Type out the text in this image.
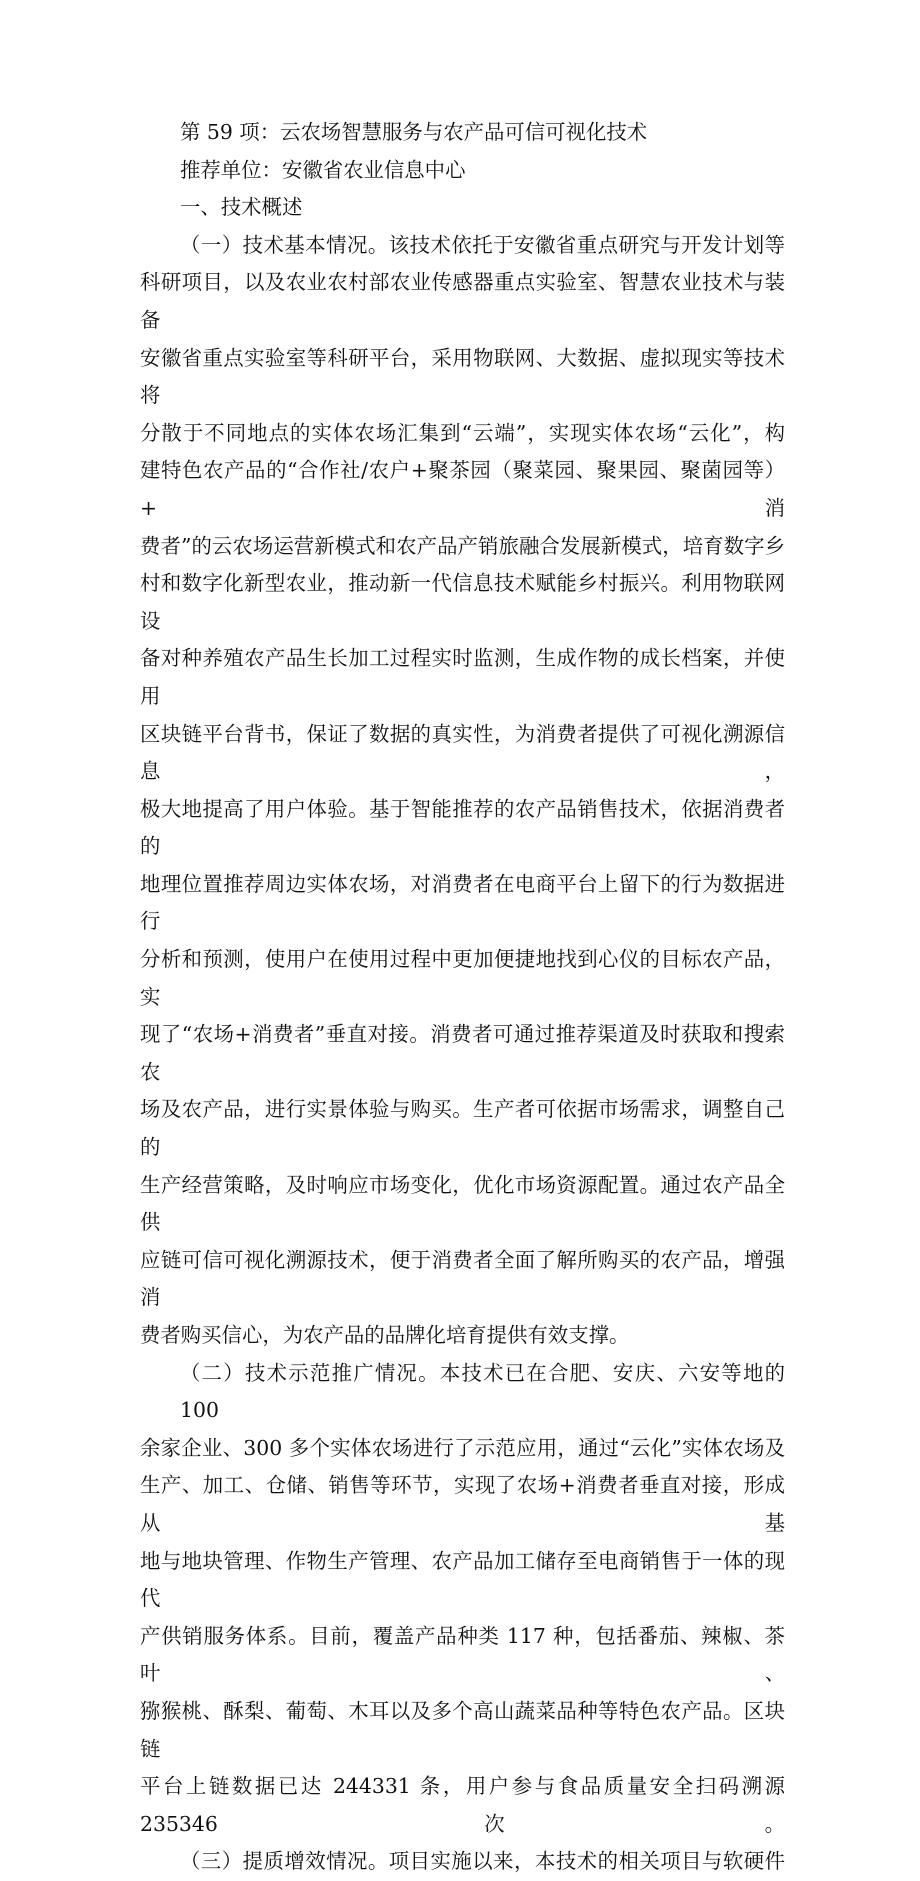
第 59 项：云农场智慧服务与农产品可信可视化技术
推荐单位：安徽省农业信息中心
一、技术概述
（一）技术基本情况。该技术依托于安徽省重点研究与开发计划等
科研项目，以及农业农村部农业传感器重点实验室、智慧农业技术与装备
安徽省重点实验室等科研平台，采用物联网、大数据、虚拟现实等技术将
分散于不同地点的实体农场汇集到“云端”，实现实体农场“云化”，构
建特色农产品的“合作社/农户+聚茶园（聚菜园、聚果园、聚菌园等）+消
费者”的云农场运营新模式和农产品产销旅融合发展新模式，培育数字乡
村和数字化新型农业，推动新一代信息技术赋能乡村振兴。利用物联网设
备对种养殖农产品生长加工过程实时监测，生成作物的成长档案，并使用
区块链平台背书，保证了数据的真实性，为消费者提供了可视化溯源信息，
极大地提高了用户体验。基于智能推荐的农产品销售技术，依据消费者的
地理位置推荐周边实体农场，对消费者在电商平台上留下的行为数据进行
分析和预测，使用户在使用过程中更加便捷地找到心仪的目标农产品，实
现了“农场+消费者”垂直对接。消费者可通过推荐渠道及时获取和搜索农
场及农产品，进行实景体验与购买。生产者可依据市场需求，调整自己的
生产经营策略，及时响应市场变化，优化市场资源配置。通过农产品全供
应链可信可视化溯源技术，便于消费者全面了解所购买的农产品，增强消
费者购买信心，为农产品的品牌化培育提供有效支撑。
（二）技术示范推广情况。本技术已在合肥、安庆、六安等地的 100
余家企业、300 多个实体农场进行了示范应用，通过“云化”实体农场及
生产、加工、仓储、销售等环节，实现了农场+消费者垂直对接，形成从基
地与地块管理、作物生产管理、农产品加工储存至电商销售于一体的现代
产供销服务体系。目前，覆盖产品种类 117 种，包括番茄、辣椒、茶叶、
猕猴桃、酥梨、葡萄、木耳以及多个高山蔬菜品种等特色农产品。区块链
平台上链数据已达 244331 条，用户参与食品质量安全扫码溯源 235346 次。
（三）提质增效情况。项目实施以来，本技术的相关项目与软硬件
